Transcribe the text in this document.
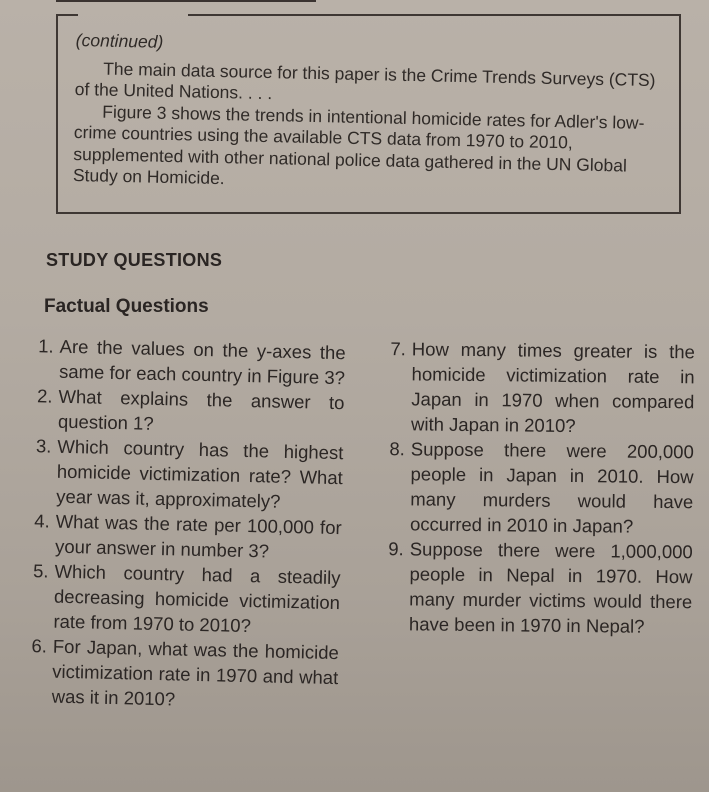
(continued)

The main data source for this paper is the Crime Trends Surveys (CTS) of the United Nations. . . .

Figure 3 shows the trends in intentional homicide rates for Adler's low-crime countries using the available CTS data from 1970 to 2010, supplemented with other national police data gathered in the UN Global Study on Homicide.

STUDY QUESTIONS
Factual Questions
1. Are the values on the y-axes the same for each country in Figure 3?
2. What explains the answer to question 1?
3. Which country has the highest homicide victimization rate? What year was it, approximately?
4. What was the rate per 100,000 for your answer in number 3?
5. Which country had a steadily decreasing homicide victimization rate from 1970 to 2010?
6. For Japan, what was the homicide victimization rate in 1970 and what was it in 2010?
7. How many times greater is the homicide victimization rate in Japan in 1970 when compared with Japan in 2010?
8. Suppose there were 200,000 people in Japan in 2010. How many murders would have occurred in 2010 in Japan?
9. Suppose there were 1,000,000 people in Nepal in 1970. How many murder victims would there have been in 1970 in Nepal?
